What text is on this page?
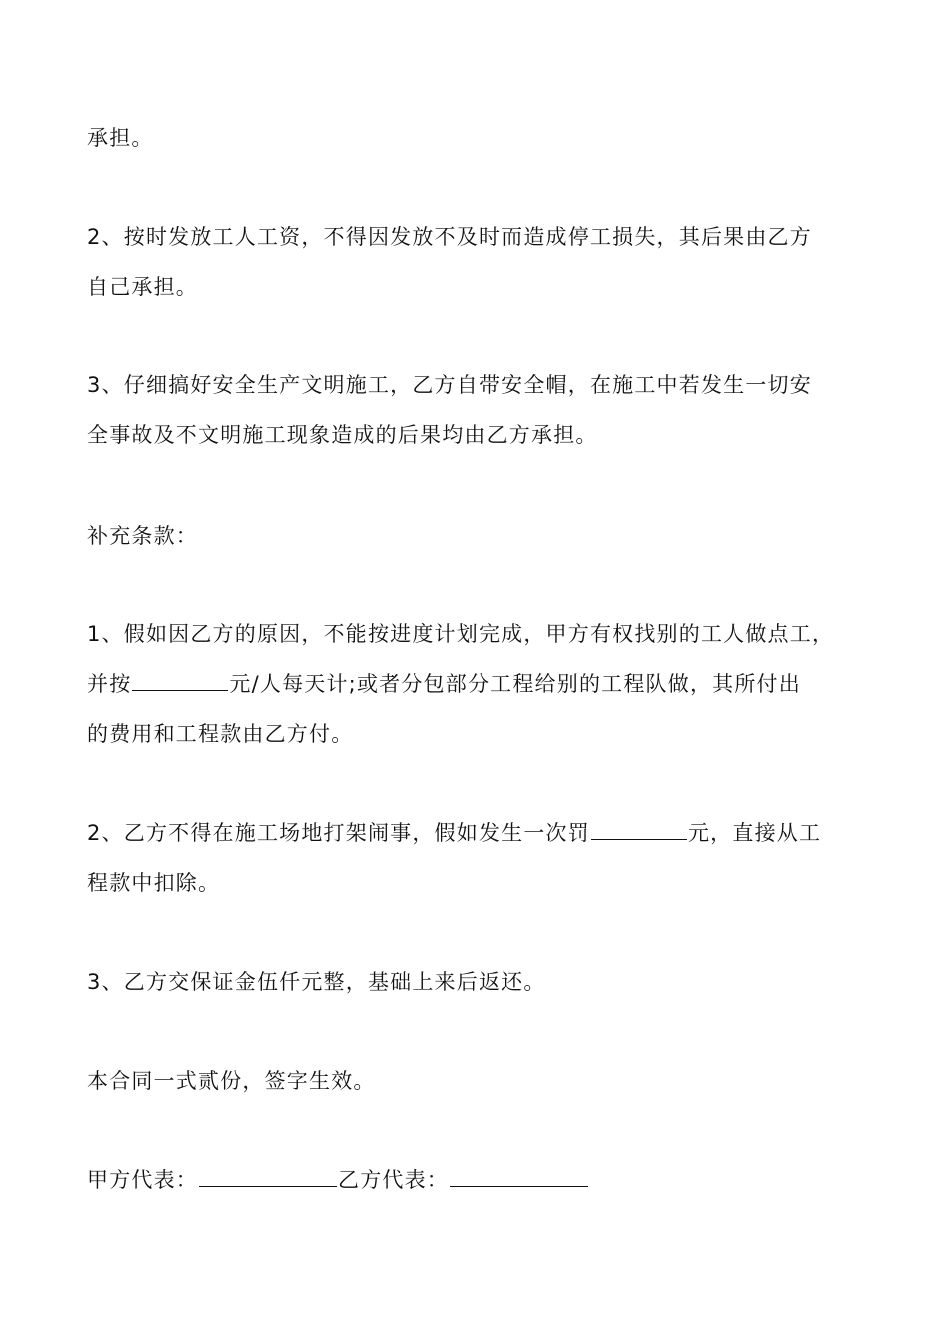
承担。

2、按时发放工人工资，不得因发放不及时而造成停工损失，其后果由乙方
自己承担。

3、仔细搞好安全生产文明施工，乙方自带安全帽，在施工中若发生一切安
全事故及不文明施工现象造成的后果均由乙方承担。

补充条款：

1、假如因乙方的原因，不能按进度计划完成，甲方有权找别的工人做点工，
并按	元/人每天计;或者分包部分工程给别的工程队做，其所付出
的费用和工程款由乙方付。

2、乙方不得在施工场地打架闹事，假如发生一次罚	元，直接从工
程款中扣除。

3、乙方交保证金伍仟元整，基础上来后返还。

本合同一式贰份，签字生效。

甲方代表：	乙方代表：
